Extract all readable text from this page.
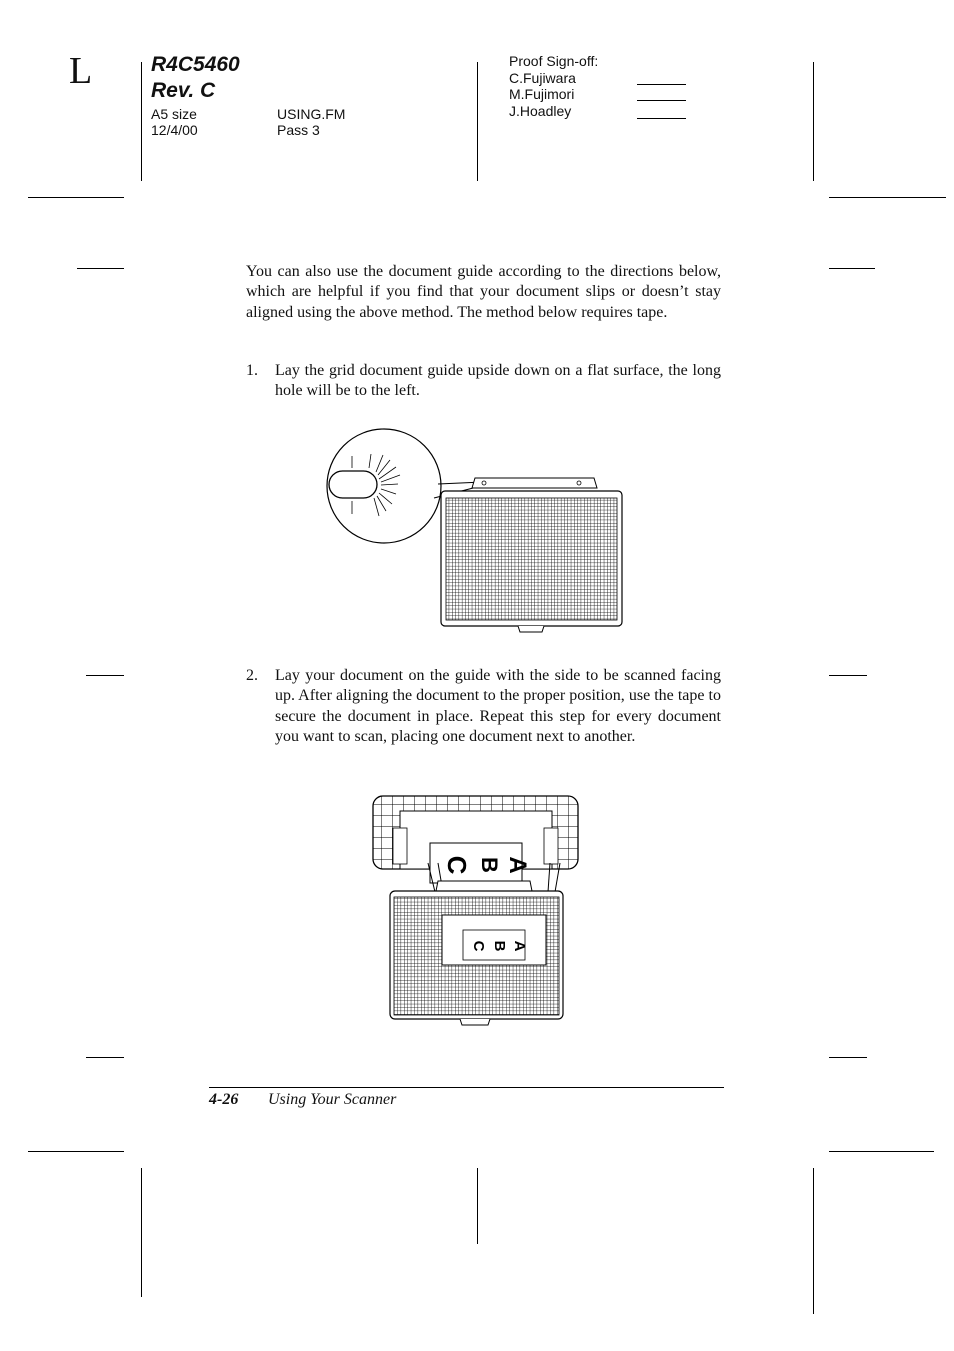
L	R4C5460
Rev. C
A5 size
12/4/00
USING.FM
Pass 3
Proof Sign-off:
C.Fujiwara
M.Fujimori
J.Hoadley
You can also use the document guide according to the directions below, which are helpful if you find that your document slips or doesn’t stay aligned using the above method. The method below requires tape.
1. Lay the grid document guide upside down on a flat surface, the long hole will be to the left.
2. Lay your document on the guide with the side to be scanned facing up. After aligning the document to the proper position, use the tape to secure the document in place. Repeat this step for every document you want to scan, placing one document next to another.
A
B
C
A
B
C
4-26 Using Your Scanner
